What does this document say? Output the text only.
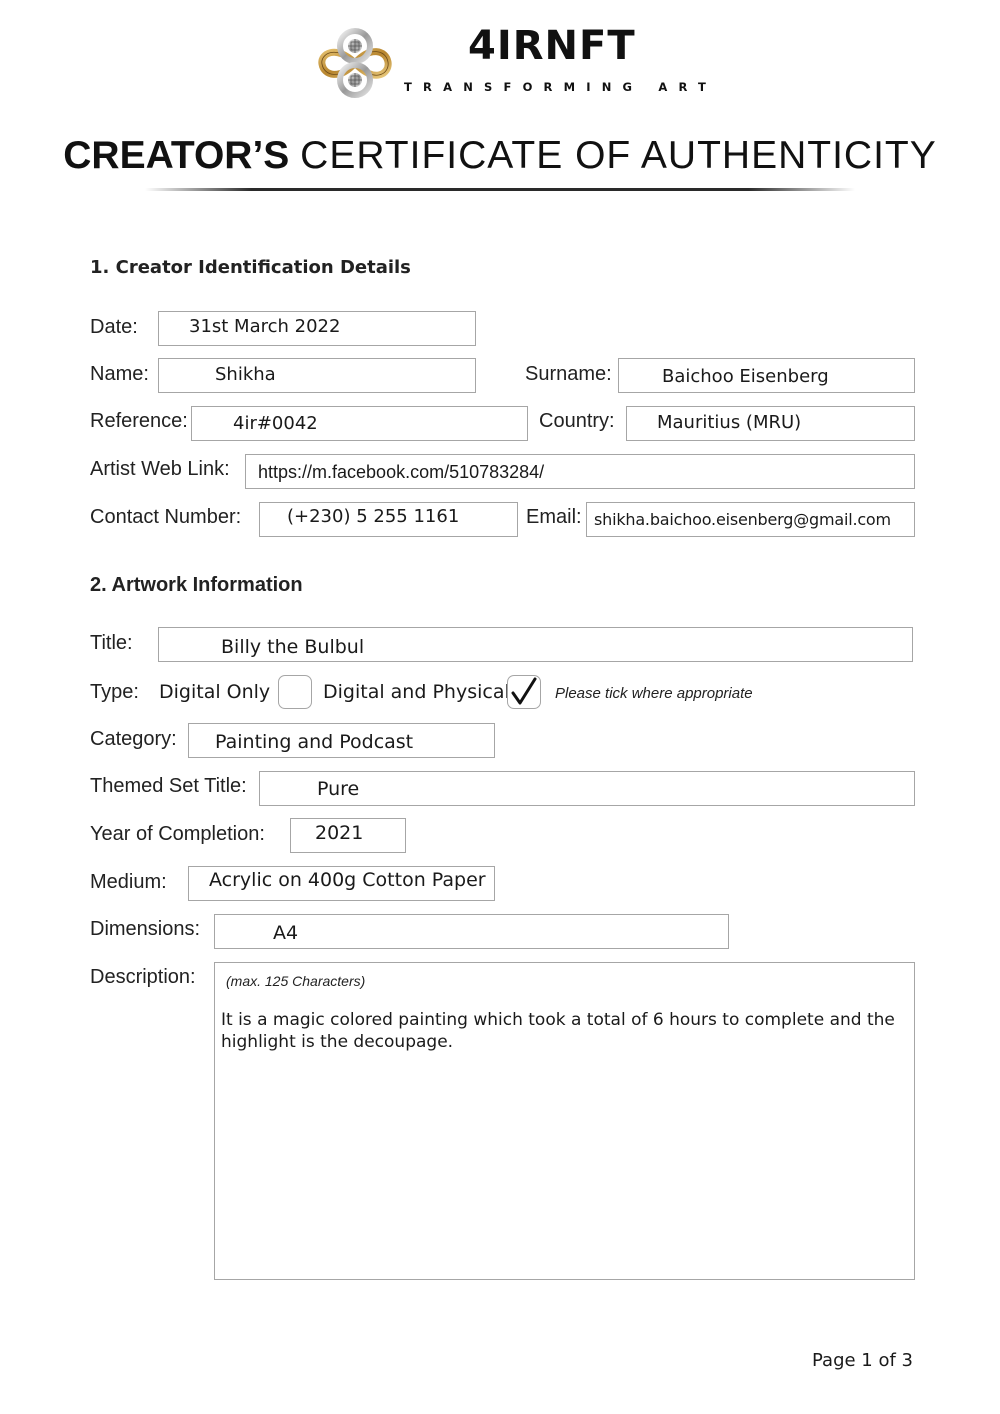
4IRNFT
TRANSFORMING ART
CREATOR’S CERTIFICATE OF AUTHENTICITY
1. Creator Identification Details
Date:	31st March 2022
Name:	Shikha	Surname:	Baichoo Eisenberg
Reference:	4ir#0042	Country: Mauritius (MRU)
Artist Web Link: https://m.facebook.com/510783284/
Contact Number:	(+230) 5 255 1161	Email: shikha.baichoo.eisenberg@gmail.com
2. Artwork Information
Title:	Billy the Bulbul
Type: Digital Only	Digital and Physical	Please tick where appropriate
Category: Painting and Podcast
Themed Set Title:	Pure
Year of Completion:	2021
Medium: Acrylic on 400g Cotton Paper
Dimensions:	A4
Description: (max. 125 Characters)
It is a magic colored painting which took a total of 6 hours to complete and the highlight is the decoupage.
Page 1 of 3
